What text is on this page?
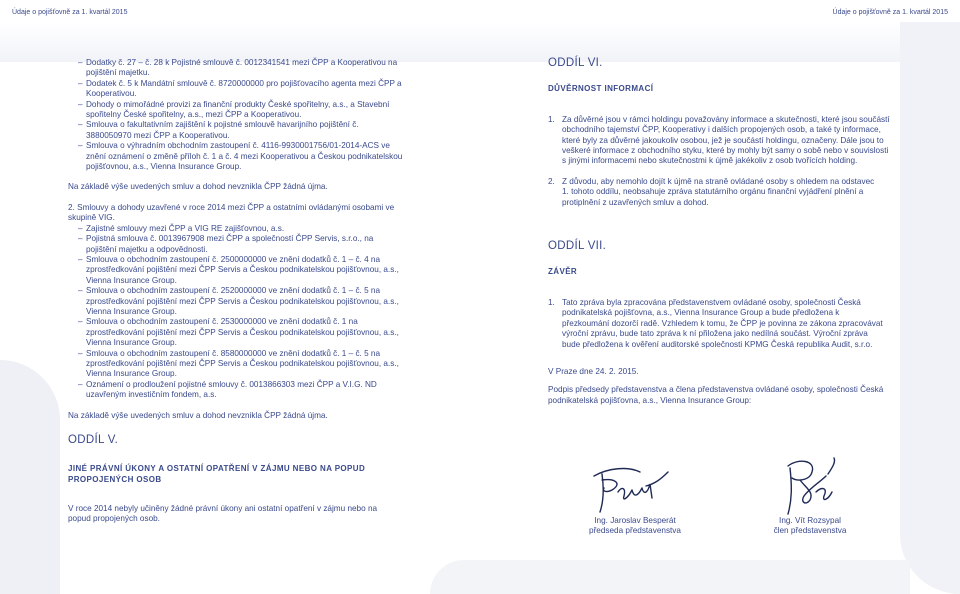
Údaje o pojišťovně za 1. kvartál 2015	Údaje o pojišťovně za 1. kvartál 2015
– Dodatky č. 27 – č. 28 k Pojistné smlouvě č. 0012341541 mezi ČPP a Kooperativou na pojištění majetku.
– Dodatek č. 5 k Mandátní smlouvě č. 8720000000 pro pojišťovacího agenta mezi ČPP a Kooperativou.
– Dohody o mimořádné provizi za finanční produkty České spořitelny, a.s., a Stavební spořitelny České spořitelny, a.s., mezi ČPP a Kooperativou.
– Smlouva o fakultativním zajištění k pojistné smlouvě havarijního pojištění č. 3880050970 mezi ČPP a Kooperativou.
– Smlouva o výhradním obchodním zastoupení č. 4116-9930001756/01-2014-ACS ve znění oznámení o změně příloh č. 1 a č. 4 mezi Kooperativou a Českou podnikatelskou pojišťovnou, a.s., Vienna Insurance Group.

Na základě výše uvedených smluv a dohod nevznikla ČPP žádná újma.

2. Smlouvy a dohody uzavřené v roce 2014 mezi ČPP a ostatními ovládanými osobami ve skupině VIG.

– Zajistné smlouvy mezi ČPP a VIG RE zajišťovnou, a.s.
– Pojistná smlouva č. 0013967908 mezi ČPP a společností ČPP Servis, s.r.o., na pojištění majetku a odpovědnosti.
– Smlouva o obchodním zastoupení č. 2500000000 ve znění dodatků č. 1 – č. 4 na zprostředkování pojištění mezi ČPP Servis a Českou podnikatelskou pojišťovnou, a.s., Vienna Insurance Group.
– Smlouva o obchodním zastoupení č. 2520000000 ve znění dodatků č. 1 – č. 5 na zprostředkování pojištění mezi ČPP Servis a Českou podnikatelskou pojišťovnou, a.s., Vienna Insurance Group.
– Smlouva o obchodním zastoupení č. 2530000000 ve znění dodatků č. 1 na zprostředkování pojištění mezi ČPP Servis a Českou podnikatelskou pojišťovnou, a.s., Vienna Insurance Group.
– Smlouva o obchodním zastoupení č. 8580000000 ve znění dodatků č. 1 – č. 5 na zprostředkování pojištění mezi ČPP Servis a Českou podnikatelskou pojišťovnou, a.s., Vienna Insurance Group.
– Oznámení o prodloužení pojistné smlouvy č. 0013866303 mezi ČPP a V.I.G. ND uzavřeným investičním fondem, a.s.

Na základě výše uvedených smluv a dohod nevznikla ČPP žádná újma.

ODDÍL V.

JINÉ PRÁVNÍ ÚKONY A OSTATNÍ OPATŘENÍ V ZÁJMU NEBO NA POPUD PROPOJENÝCH OSOB

V roce 2014 nebyly učiněny žádné právní úkony ani ostatní opatření v zájmu nebo na popud propojených osob.

ODDÍL VI.

DŮVĚRNOST INFORMACÍ

1. Za důvěrné jsou v rámci holdingu považovány informace a skutečnosti, které jsou součástí obchodního tajemství ČPP, Kooperativy i dalších propojených osob, a také ty informace, které byly za důvěrné jakoukoliv osobou, jež je součástí holdingu, označeny. Dále jsou to veškeré informace z obchodního styku, které by mohly být samy o sobě nebo v souvislosti s jinými informacemi nebo skutečnostmi k újmě jakékoliv z osob tvořících holding.
2. Z důvodu, aby nemohlo dojít k újmě na straně ovládané osoby s ohledem na odstavec 1. tohoto oddílu, neobsahuje zpráva statutárního orgánu finanční vyjádření plnění a protiplnění z uzavřených smluv a dohod.

ODDÍL VII.

ZÁVĚR

1. Tato zpráva byla zpracována představenstvem ovládané osoby, společnosti Česká podnikatelská pojišťovna, a.s., Vienna Insurance Group a bude předložena k přezkoumání dozorčí radě. Vzhledem k tomu, že ČPP je povinna ze zákona zpracovávat výroční zprávu, bude tato zpráva k ní přiložena jako nedílná součást. Výroční zpráva bude předložena k ověření auditorské společnosti KPMG Česká republika Audit, s.r.o.

V Praze dne 24. 2. 2015.

Podpis předsedy představenstva a člena představenstva ovládané osoby, společnosti Česká podnikatelská pojišťovna, a.s., Vienna Insurance Group:

Ing. Jaroslav Besperát
předseda představenstva
Ing. Vít Rozsypal
člen představenstva
